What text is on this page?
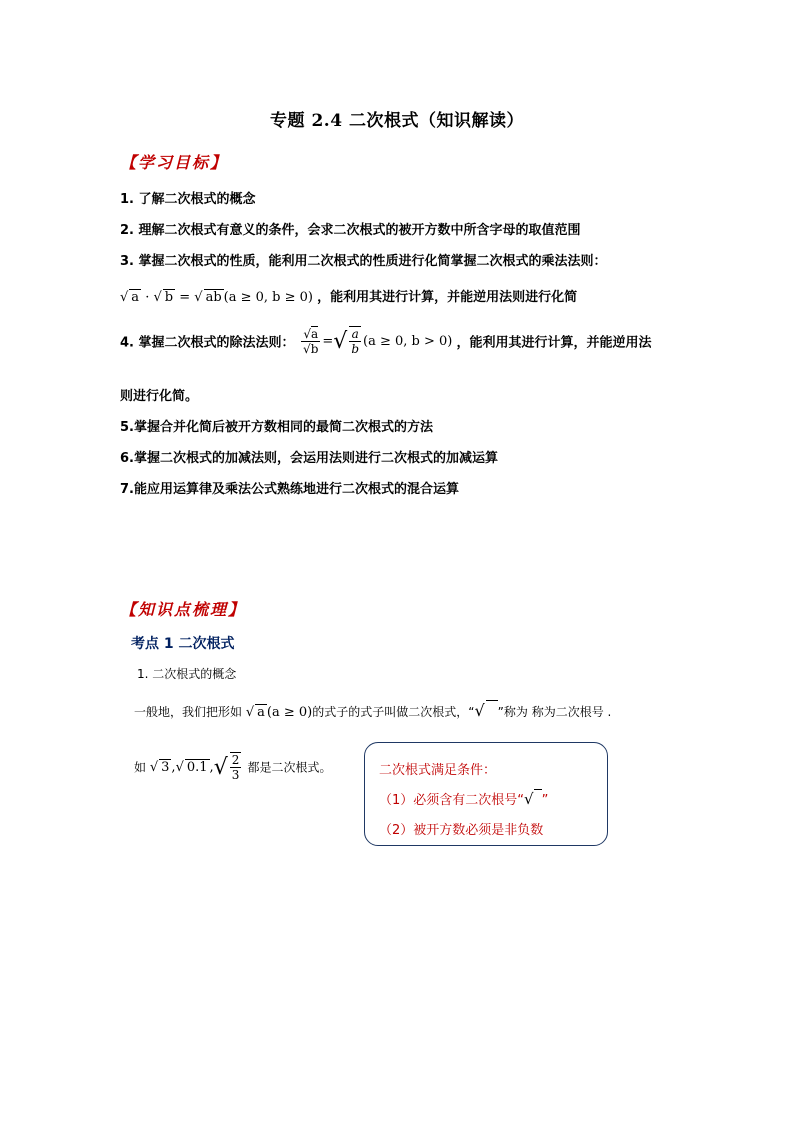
专题 2.4 二次根式（知识解读）
【学习目标】
1. 了解二次根式的概念
2. 理解二次根式有意义的条件，会求二次根式的被开方数中所含字母的取值范围
3. 掌握二次根式的性质，能利用二次根式的性质进行化简掌握二次根式的乘法法则：
√ a · √ b = √ ab (a ≥ 0, b ≥ 0) ，能利用其进行计算，并能逆用法则进行化简
4. 掌握二次根式的除法法则： $\frac{√a}{√b}$ =√ $\frac{a}{b} (a \ge 0$, b > 0) ，能利用其进行计算，并能逆用法
则进行化简。
5.掌握合并化简后被开方数相同的最简二次根式的方法
6.掌握二次根式的加减法则，会运用法则进行二次根式的加减运算
7.能应用运算律及乘法公式熟练地进行二次根式的混合运算
【知识点梳理】
考点 1 二次根式
1. 二次根式的概念
一般地，我们把形如 √ a (a ≥ 0)的式子的式子叫做二次根式，“√ ”称为 称为二次根号 .
如 √ 3 ,√ 0.1 ,√ $\frac{2}{3}$ 都是二次根式。	二次根式满足条件：
（1）必须含有二次根号“√ ”
（2）被开方数必须是非负数
